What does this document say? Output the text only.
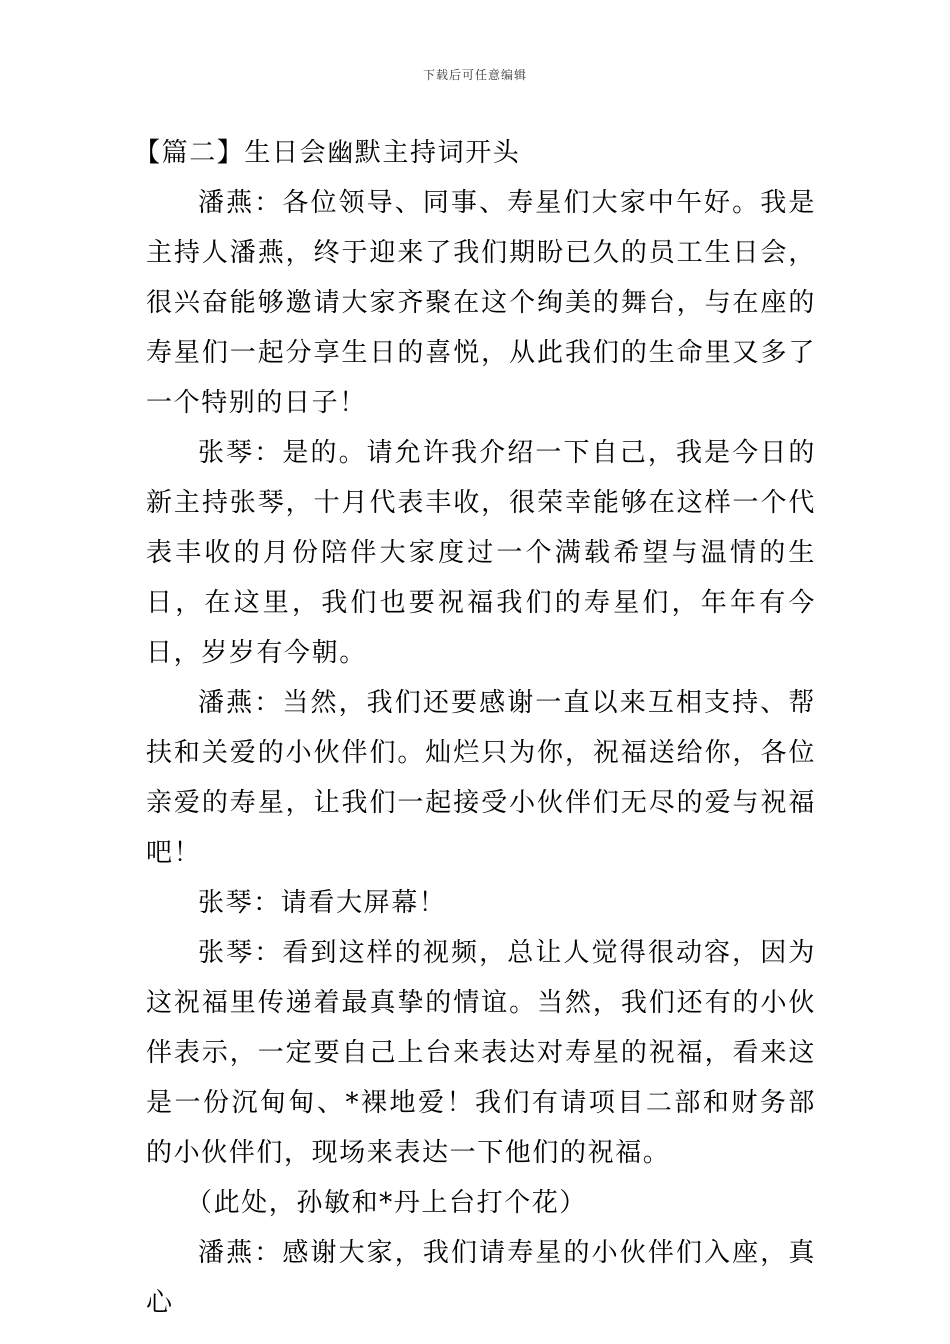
下载后可任意编辑
【篇二】生日会幽默主持词开头

潘燕：各位领导、同事、寿星们大家中午好。我是主持人潘燕，终于迎来了我们期盼已久的员工生日会，很兴奋能够邀请大家齐聚在这个绚美的舞台，与在座的寿星们一起分享生日的喜悦，从此我们的生命里又多了一个特别的日子！

张琴：是的。请允许我介绍一下自己，我是今日的新主持张琴，十月代表丰收，很荣幸能够在这样一个代表丰收的月份陪伴大家度过一个满载希望与温情的生日，在这里，我们也要祝福我们的寿星们，年年有今日，岁岁有今朝。

潘燕：当然，我们还要感谢一直以来互相支持、帮扶和关爱的小伙伴们。灿烂只为你，祝福送给你，各位亲爱的寿星，让我们一起接受小伙伴们无尽的爱与祝福吧！

张琴：请看大屏幕！

张琴：看到这样的视频，总让人觉得很动容，因为这祝福里传递着最真挚的情谊。当然，我们还有的小伙伴表示，一定要自己上台来表达对寿星的祝福，看来这是一份沉甸甸、*裸地爱！我们有请项目二部和财务部的小伙伴们，现场来表达一下他们的祝福。

（此处，孙敏和*丹上台打个花）

潘燕：感谢大家，我们请寿星的小伙伴们入座，真心
